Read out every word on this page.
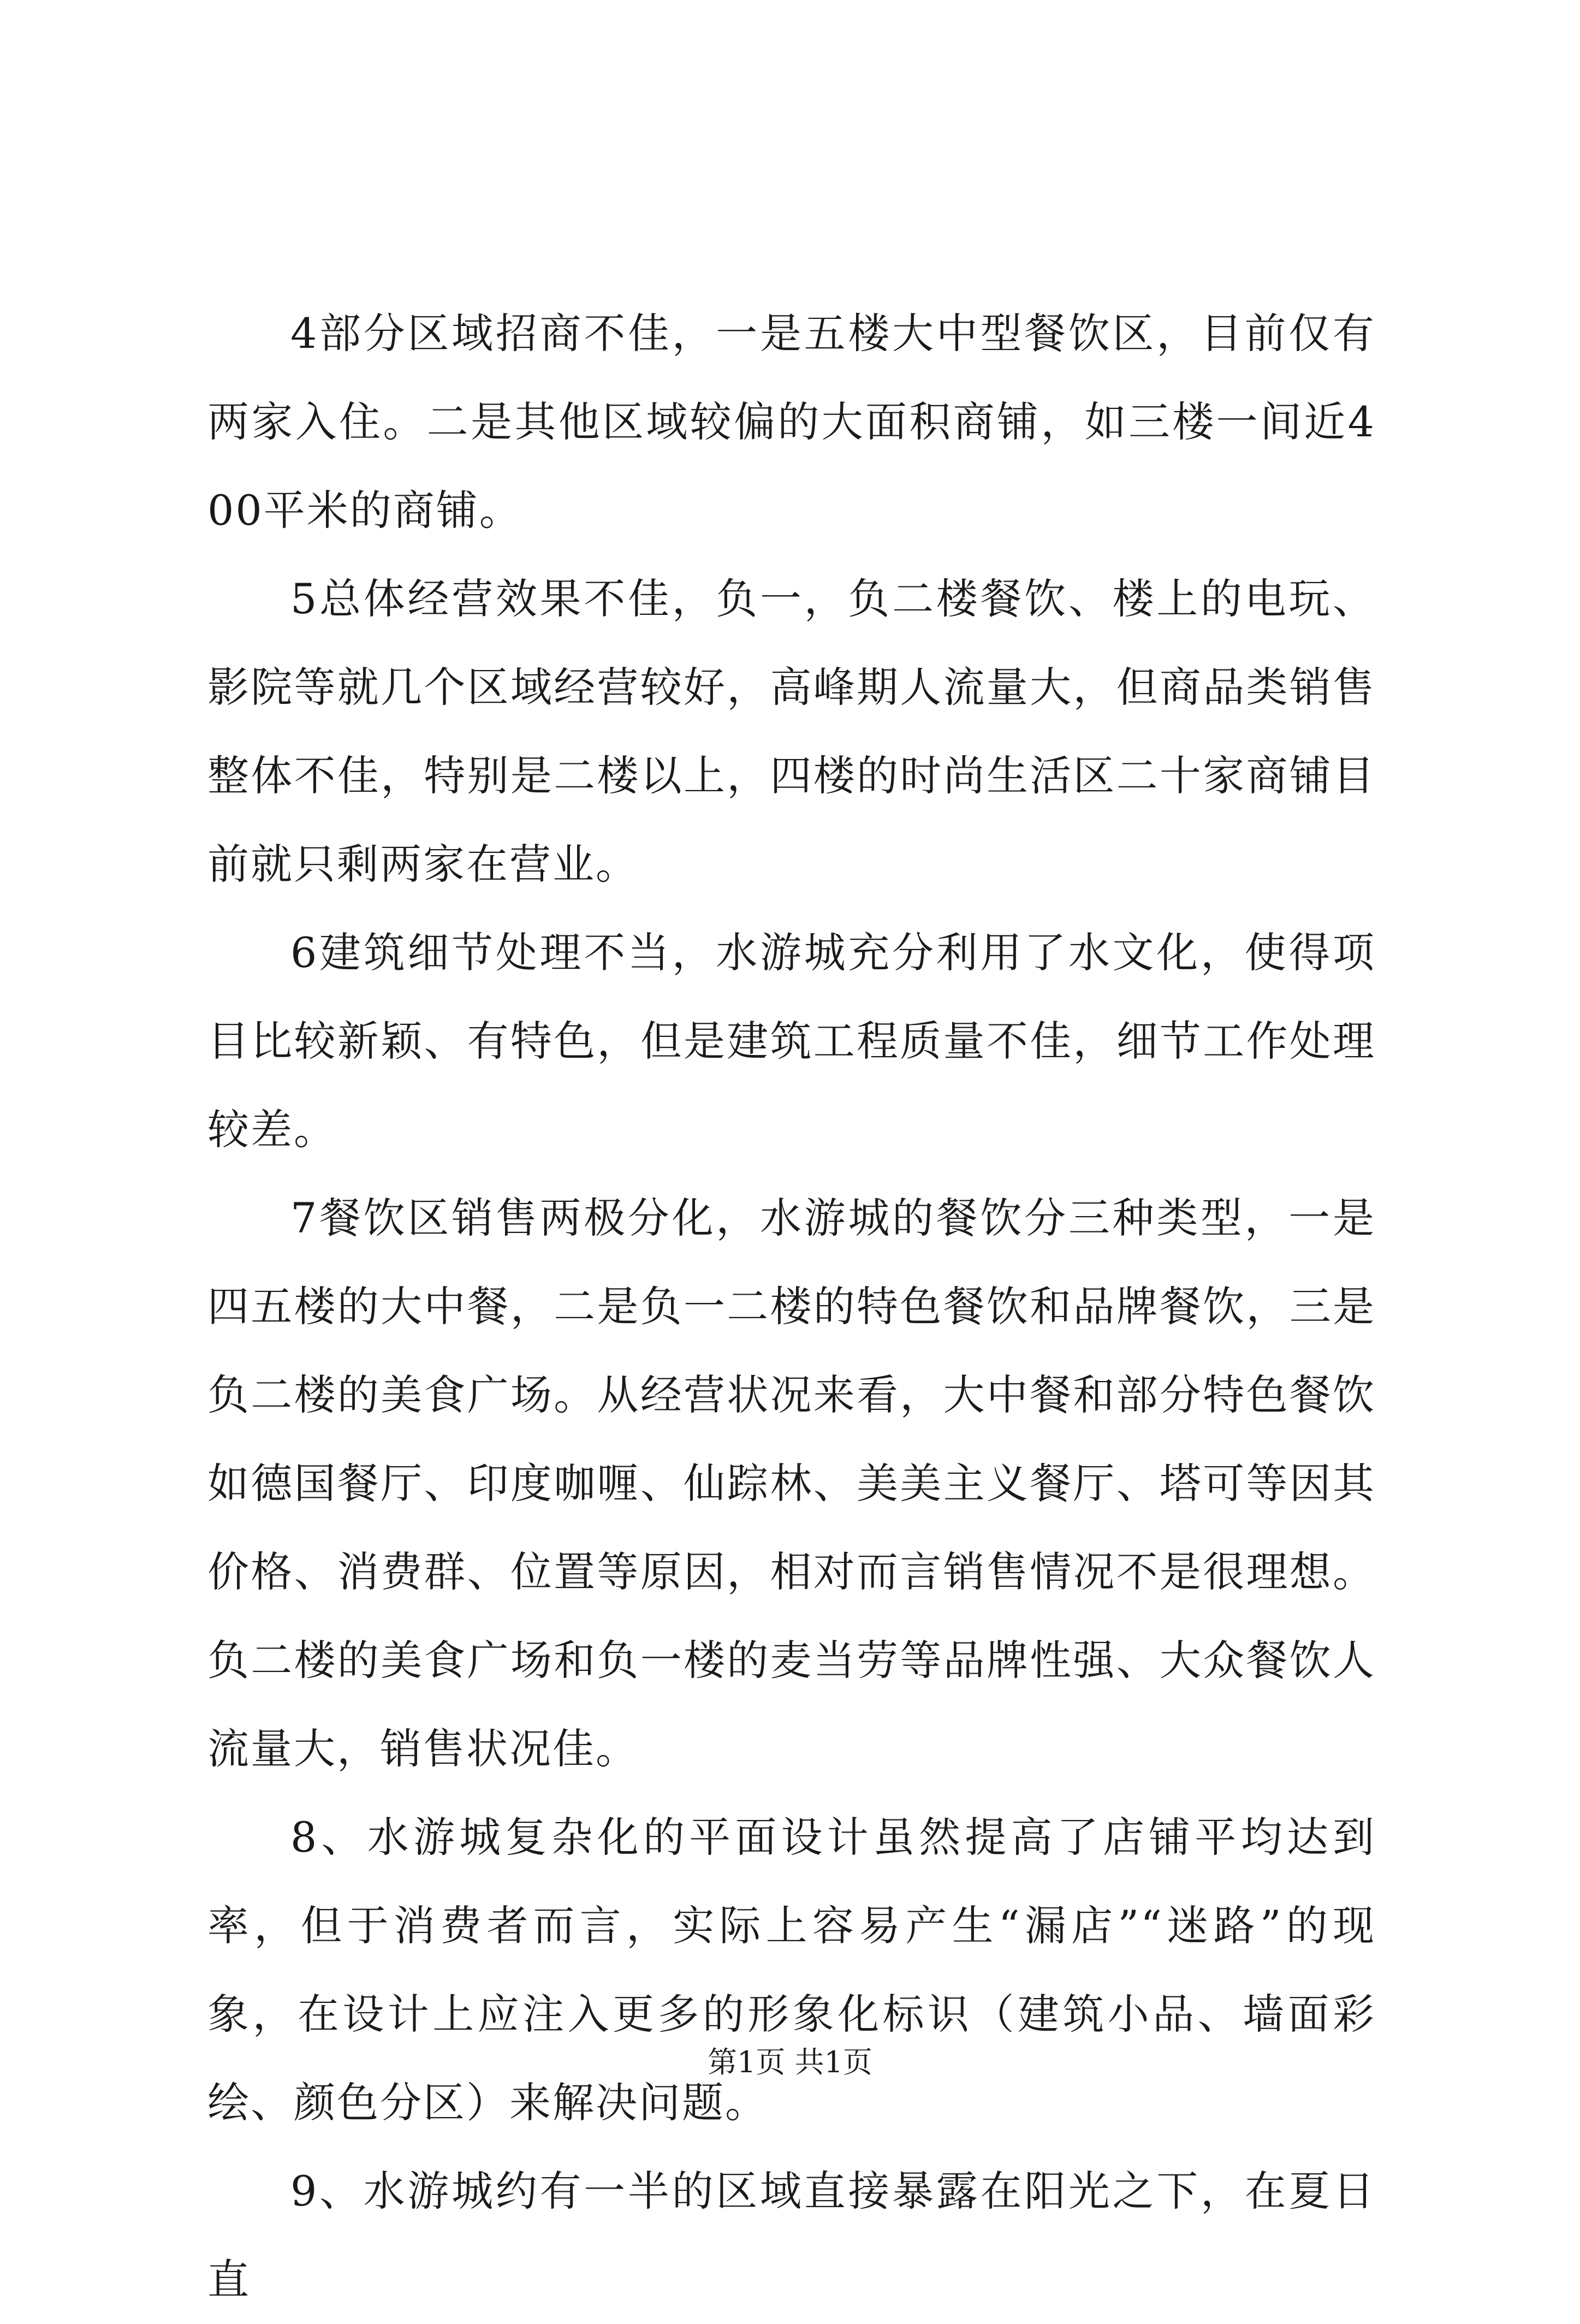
4部分区域招商不佳，一是五楼大中型餐饮区，目前仅有两家入住。二是其他区域较偏的大面积商铺，如三楼一间近400平米的商铺。

5总体经营效果不佳，负一，负二楼餐饮、楼上的电玩、影院等就几个区域经营较好，高峰期人流量大，但商品类销售整体不佳，特别是二楼以上，四楼的时尚生活区二十家商铺目前就只剩两家在营业。

6建筑细节处理不当，水游城充分利用了水文化，使得项目比较新颖、有特色，但是建筑工程质量不佳，细节工作处理较差。

7餐饮区销售两极分化，水游城的餐饮分三种类型，一是四五楼的大中餐，二是负一二楼的特色餐饮和品牌餐饮，三是负二楼的美食广场。从经营状况来看，大中餐和部分特色餐饮如德国餐厅、印度咖喱、仙踪林、美美主义餐厅、塔可等因其价格、消费群、位置等原因，相对而言销售情况不是很理想。负二楼的美食广场和负一楼的麦当劳等品牌性强、大众餐饮人流量大，销售状况佳。

8、水游城复杂化的平面设计虽然提高了店铺平均达到率，但于消费者而言，实际上容易产生“漏店”“迷路”的现象，在设计上应注入更多的形象化标识（建筑小品、墙面彩绘、颜色分区）来解决问题。

9、水游城约有一半的区域直接暴露在阳光之下，在夏日直

第1页 共1页
